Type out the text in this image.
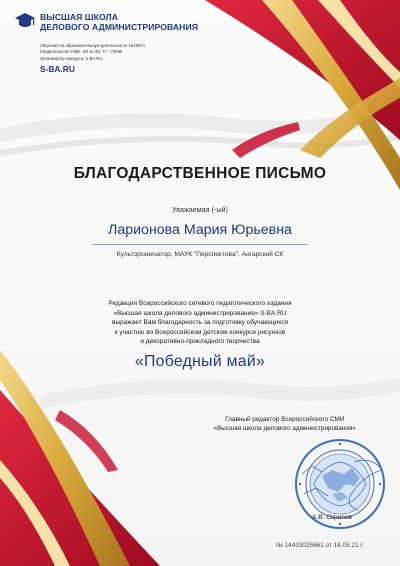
ВЫСШАЯ ШКОЛА
ДЕЛОВОГО АДМИНИСТРИРОВАНИЯ
Лицензия на образовательную деятельность №19674
Свидетельство СМИ: ЭЛ № ФС 77 - 70095
Организатор конкурса: S-BA.RU
S-BA.RU
БЛАГОДАРСТВЕННОЕ ПИСЬМО
Уважаемая (-ый)
Ларионова Мария Юрьевна
Культорганизатор, МАУК "Перспектива", Ангарский СК
Редакция Всероссийского сетевого педагогического издания
«Высшая школа делового администрирования» S-BA.RU
выражает Вам благодарность за подготовку обучающихся
к участию во Всероссийском детском конкурсе рисунков
и декоративно-прикладного творчества
«Победный май»
Главный редактор Всероссийского СМИ
«Высшая школа делового администрирования»
А.В. Скрипов
№ 14433025661 от 14.05.21 г.
